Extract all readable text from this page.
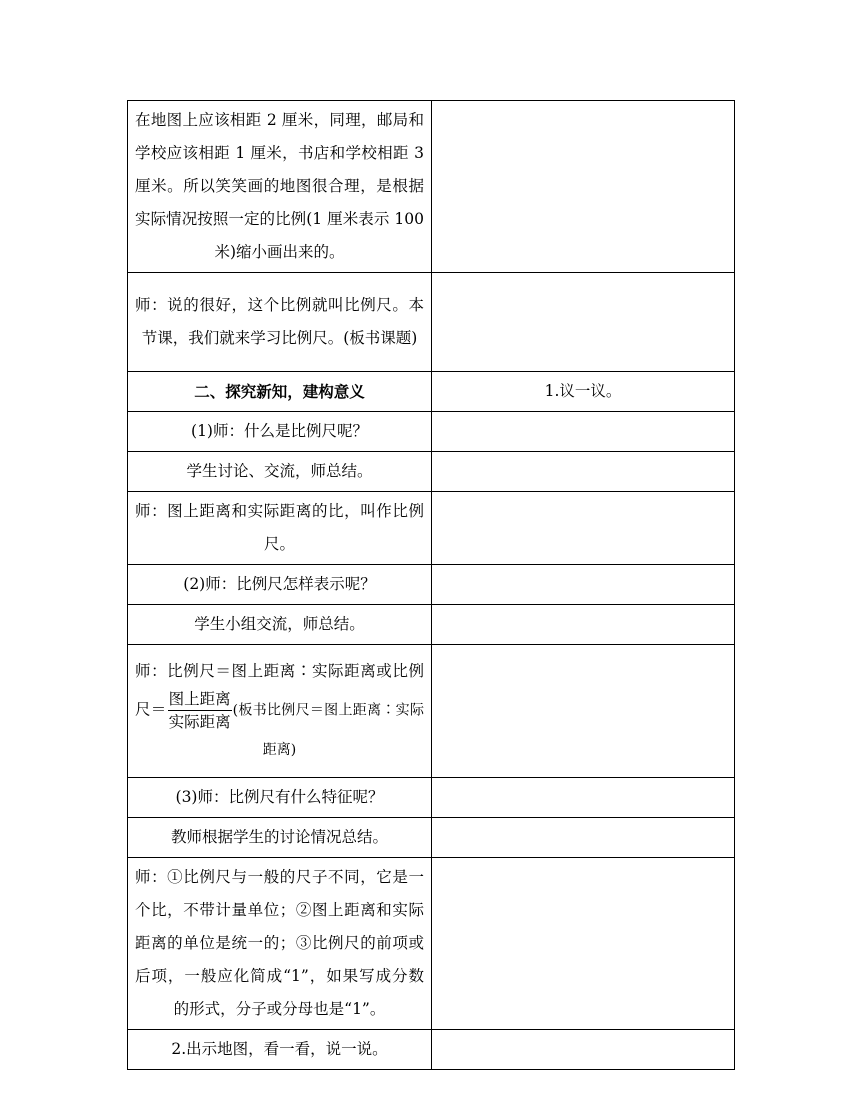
在地图上应该相距 2 厘米，同理，邮局和学校应该相距 1 厘米，书店和学校相距 3 厘米。所以笑笑画的地图很合理，是根据实际情况按照一定的比例(1 厘米表示 100 米)缩小画出来的。	
师：说的很好，这个比例就叫比例尺。本节课，我们就来学习比例尺。(板书课题)	
二、探究新知，建构意义	1.议一议。
(1)师：什么是比例尺呢？	
学生讨论、交流，师总结。	
师：图上距离和实际距离的比，叫作比例尺。	
(2)师：比例尺怎样表示呢？	
学生小组交流，师总结。	
师：比例尺＝图上距离∶实际距离或比例尺＝ $\frac{\text{图上距离}}{\text{实际距离}}$ (板书比例尺＝图上距离∶实际距离)	
(3)师：比例尺有什么特征呢？	
教师根据学生的讨论情况总结。	
师：①比例尺与一般的尺子不同，它是一个比，不带计量单位；②图上距离和实际距离的单位是统一的；③比例尺的前项或后项，一般应化简成“1”，如果写成分数的形式，分子或分母也是“1”。	
2.出示地图，看一看，说一说。	
